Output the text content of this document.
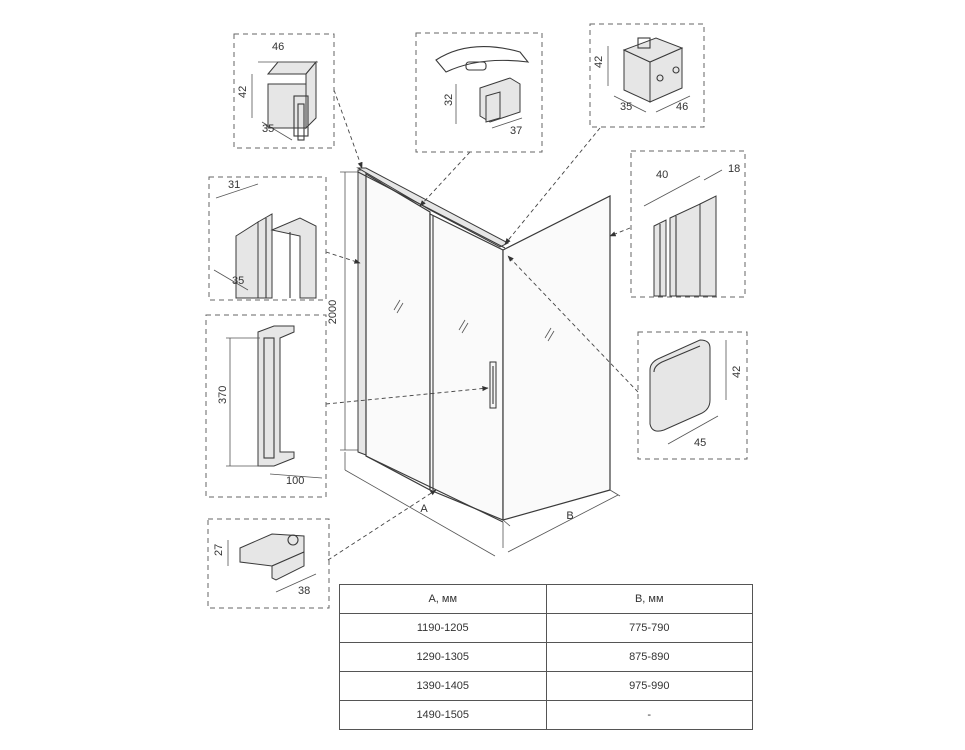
2000
A
B
46
42
35
32
37
42
35	46
40	18
31
35
42
45
370
100
27
38
А, мм	В, мм
1190-1205	775-790
1290-1305	875-890
1390-1405	975-990
1490-1505	-
